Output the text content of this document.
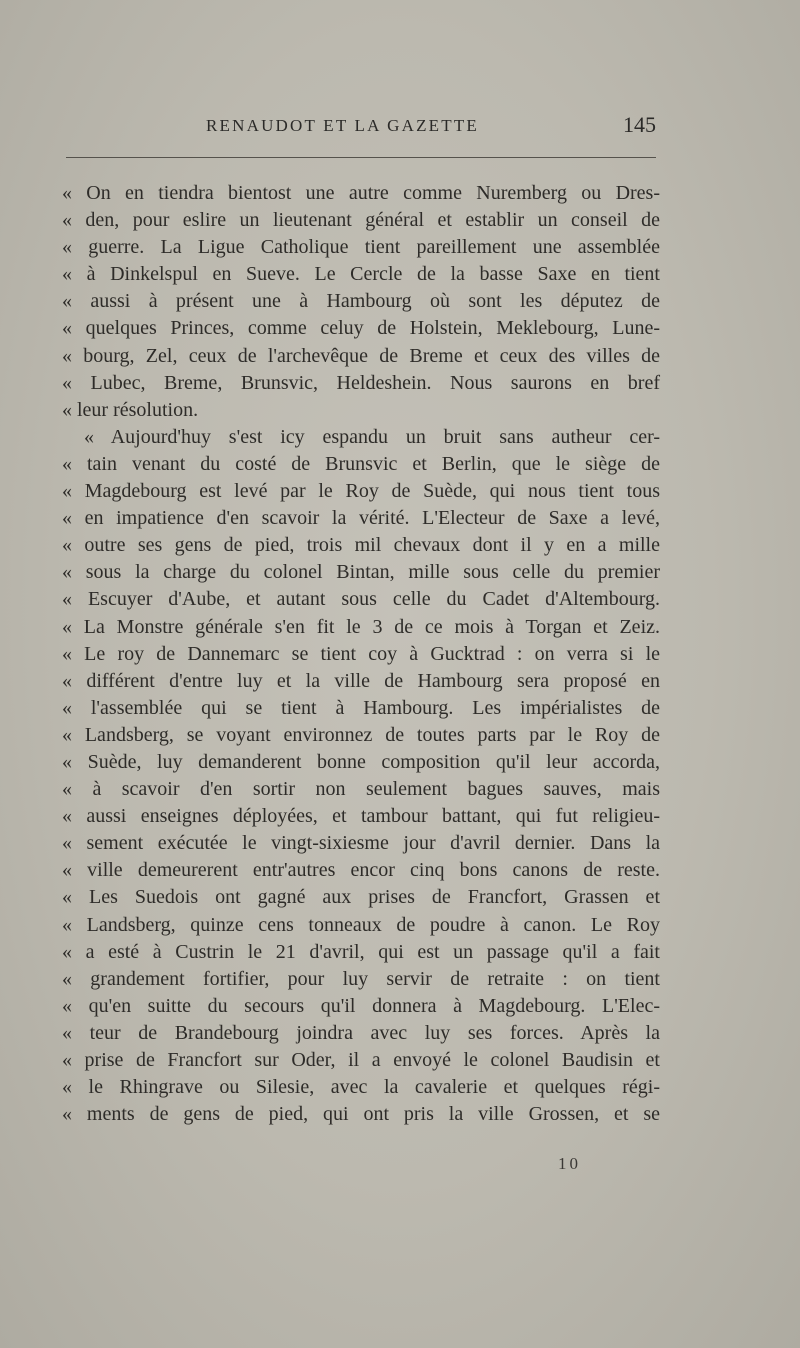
RENAUDOT ET LA GAZETTE	145
« On en tiendra bientost une autre comme Nuremberg ou Dres-
« den, pour eslire un lieutenant général et establir un conseil de
« guerre. La Ligue Catholique tient pareillement une assemblée
« à Dinkelspul en Sueve. Le Cercle de la basse Saxe en tient
« aussi à présent une à Hambourg où sont les députez de
« quelques Princes, comme celuy de Holstein, Meklebourg, Lune-
« bourg, Zel, ceux de l'archevêque de Breme et ceux des villes de
« Lubec, Breme, Brunsvic, Heldeshein. Nous saurons en bref
« leur résolution.
« Aujourd'huy s'est icy espandu un bruit sans autheur cer-
« tain venant du costé de Brunsvic et Berlin, que le siège de
« Magdebourg est levé par le Roy de Suède, qui nous tient tous
« en impatience d'en scavoir la vérité. L'Electeur de Saxe a levé,
« outre ses gens de pied, trois mil chevaux dont il y en a mille
« sous la charge du colonel Bintan, mille sous celle du premier
« Escuyer d'Aube, et autant sous celle du Cadet d'Altembourg.
« La Monstre générale s'en fit le 3 de ce mois à Torgan et Zeiz.
« Le roy de Dannemarc se tient coy à Gucktrad : on verra si le
« différent d'entre luy et la ville de Hambourg sera proposé en
« l'assemblée qui se tient à Hambourg. Les impérialistes de
« Landsberg, se voyant environnez de toutes parts par le Roy de
« Suède, luy demanderent bonne composition qu'il leur accorda,
« à scavoir d'en sortir non seulement bagues sauves, mais
« aussi enseignes déployées, et tambour battant, qui fut religieu-
« sement exécutée le vingt-sixiesme jour d'avril dernier. Dans la
« ville demeurerent entr'autres encor cinq bons canons de reste.
« Les Suedois ont gagné aux prises de Francfort, Grassen et
« Landsberg, quinze cens tonneaux de poudre à canon. Le Roy
« a esté à Custrin le 21 d'avril, qui est un passage qu'il a fait
« grandement fortifier, pour luy servir de retraite : on tient
« qu'en suitte du secours qu'il donnera à Magdebourg. L'Elec-
« teur de Brandebourg joindra avec luy ses forces. Après la
« prise de Francfort sur Oder, il a envoyé le colonel Baudisin et
« le Rhingrave ou Silesie, avec la cavalerie et quelques régi-
« ments de gens de pied, qui ont pris la ville Grossen, et se
10
